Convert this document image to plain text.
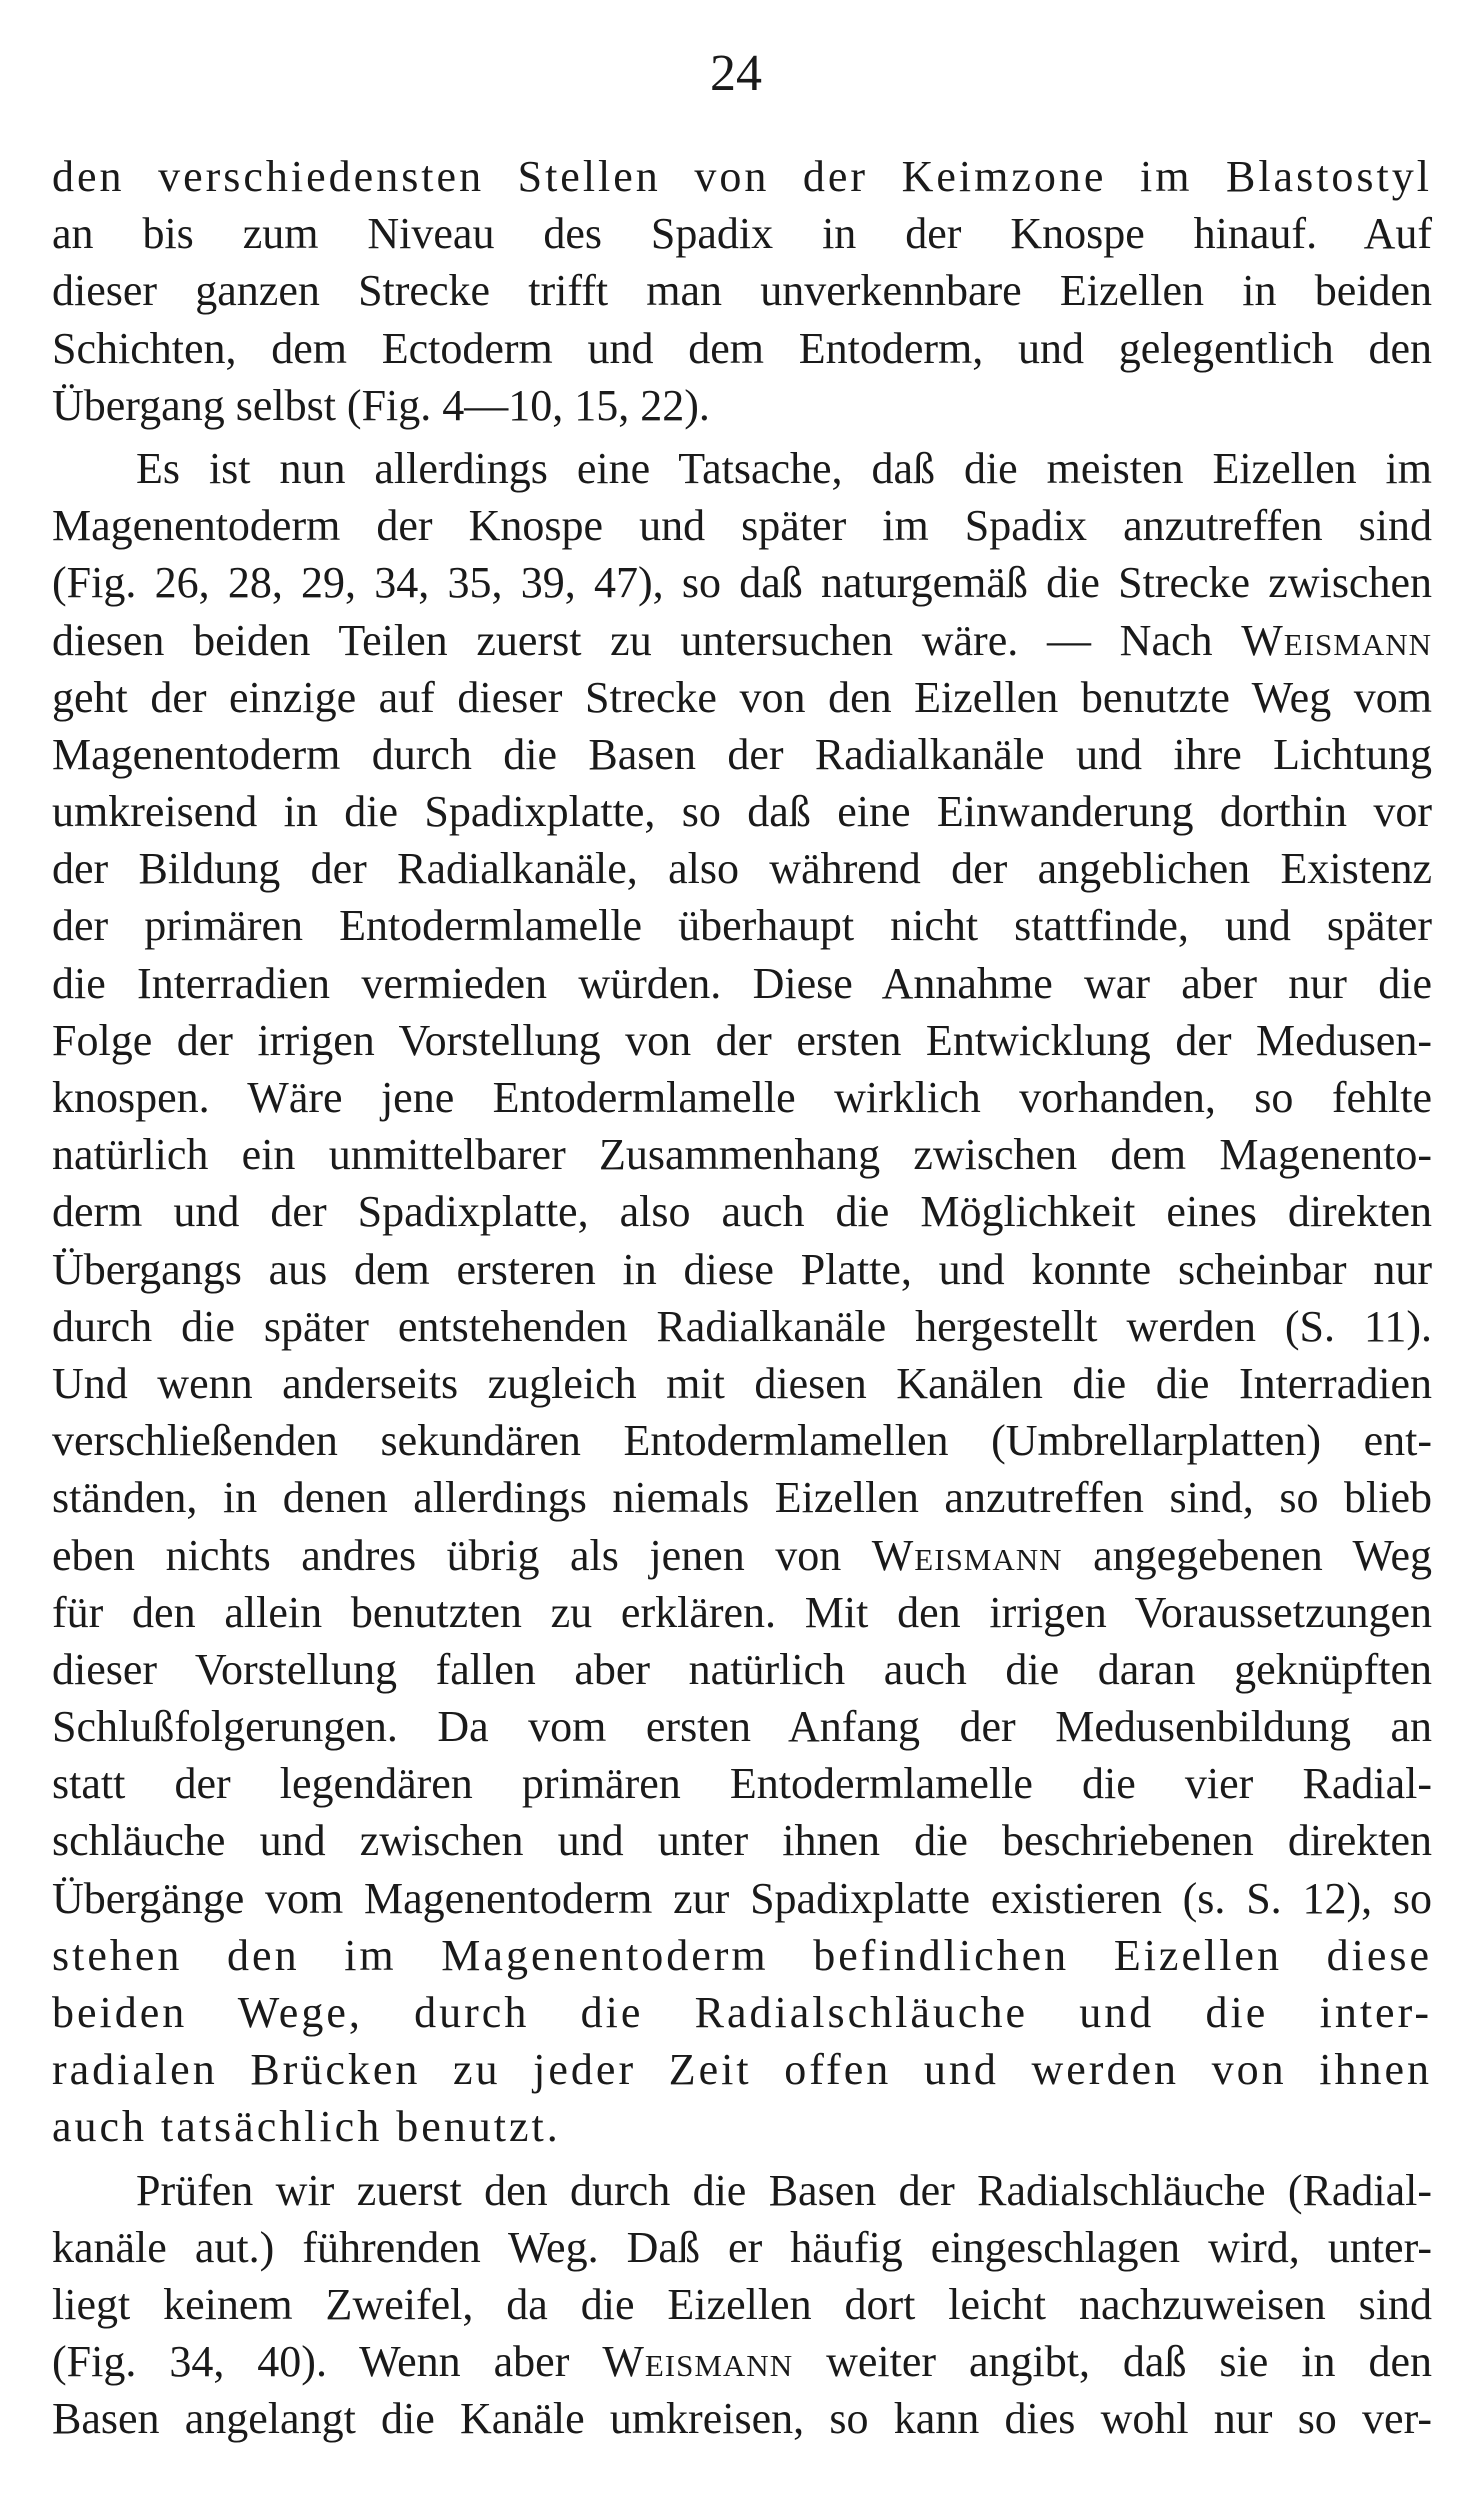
24

den verschiedensten Stellen von der Keimzone im Blastostyl
an bis zum Niveau des Spadix in der Knospe hinauf. Auf
dieser ganzen Strecke trifft man unverkennbare Eizellen in beiden
Schichten, dem Ectoderm und dem Entoderm, und gelegentlich den
Übergang selbst (Fig. 4—10, 15, 22).
Es ist nun allerdings eine Tatsache, daß die meisten Eizellen im
Magenentoderm der Knospe und später im Spadix anzutreffen sind
(Fig. 26, 28, 29, 34, 35, 39, 47), so daß naturgemäß die Strecke zwischen
diesen beiden Teilen zuerst zu untersuchen wäre. — Nach Weismann
geht der einzige auf dieser Strecke von den Eizellen benutzte Weg vom
Magenentoderm durch die Basen der Radialkanäle und ihre Lichtung
umkreisend in die Spadixplatte, so daß eine Einwanderung dorthin vor
der Bildung der Radialkanäle, also während der angeblichen Existenz
der primären Entodermlamelle überhaupt nicht stattfinde, und später
die Interradien vermieden würden. Diese Annahme war aber nur die
Folge der irrigen Vorstellung von der ersten Entwicklung der Medusen-
knospen. Wäre jene Entodermlamelle wirklich vorhanden, so fehlte
natürlich ein unmittelbarer Zusammenhang zwischen dem Magenento-
derm und der Spadixplatte, also auch die Möglichkeit eines direkten
Übergangs aus dem ersteren in diese Platte, und konnte scheinbar nur
durch die später entstehenden Radialkanäle hergestellt werden (S. 11).
Und wenn anderseits zugleich mit diesen Kanälen die die Interradien
verschließenden sekundären Entodermlamellen (Umbrellarplatten) ent-
ständen, in denen allerdings niemals Eizellen anzutreffen sind, so blieb
eben nichts andres übrig als jenen von Weismann angegebenen Weg
für den allein benutzten zu erklären. Mit den irrigen Voraussetzungen
dieser Vorstellung fallen aber natürlich auch die daran geknüpften
Schlußfolgerungen. Da vom ersten Anfang der Medusenbildung an
statt der legendären primären Entodermlamelle die vier Radial-
schläuche und zwischen und unter ihnen die beschriebenen direkten
Übergänge vom Magenentoderm zur Spadixplatte existieren (s. S. 12), so
stehen den im Magenentoderm befindlichen Eizellen diese
beiden Wege, durch die Radialschläuche und die inter-
radialen Brücken zu jeder Zeit offen und werden von ihnen
auch tatsächlich benutzt.
Prüfen wir zuerst den durch die Basen der Radialschläuche (Radial-
kanäle aut.) führenden Weg. Daß er häufig eingeschlagen wird, unter-
liegt keinem Zweifel, da die Eizellen dort leicht nachzuweisen sind
(Fig. 34, 40). Wenn aber Weismann weiter angibt, daß sie in den
Basen angelangt die Kanäle umkreisen, so kann dies wohl nur so ver-
